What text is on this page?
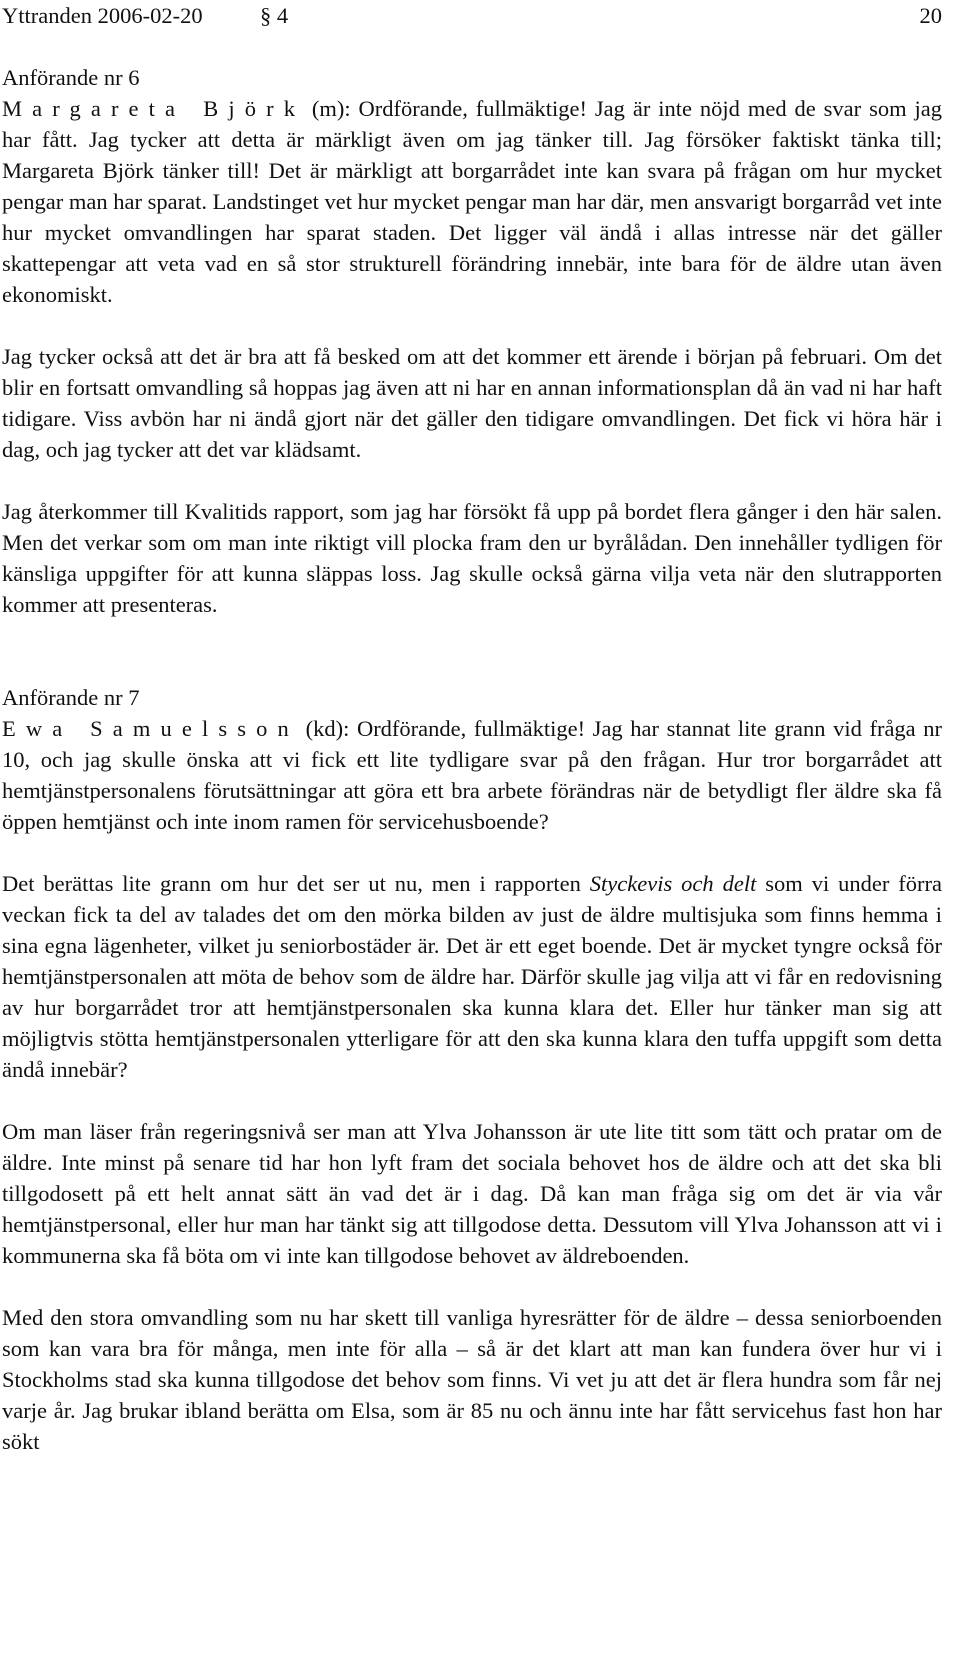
Yttranden 2006-02-20	§ 4	20
Anförande nr 6

Margareta Björk (m): Ordförande, fullmäktige! Jag är inte nöjd med de svar som jag har fått. Jag tycker att detta är märkligt även om jag tänker till. Jag försöker faktiskt tänka till; Margareta Björk tänker till! Det är märkligt att borgarrådet inte kan svara på frågan om hur mycket pengar man har sparat. Landstinget vet hur mycket pengar man har där, men ansvarigt borgarråd vet inte hur mycket omvandlingen har sparat staden. Det ligger väl ändå i allas intresse när det gäller skattepengar att veta vad en så stor strukturell förändring innebär, inte bara för de äldre utan även ekonomiskt.

Jag tycker också att det är bra att få besked om att det kommer ett ärende i början på februari. Om det blir en fortsatt omvandling så hoppas jag även att ni har en annan informationsplan då än vad ni har haft tidigare. Viss avbön har ni ändå gjort när det gäller den tidigare omvandlingen. Det fick vi höra här i dag, och jag tycker att det var klädsamt.

Jag återkommer till Kvalitids rapport, som jag har försökt få upp på bordet flera gånger i den här salen. Men det verkar som om man inte riktigt vill plocka fram den ur byrålådan. Den innehåller tydligen för känsliga uppgifter för att kunna släppas loss. Jag skulle också gärna vilja veta när den slutrapporten kommer att presenteras.

Anförande nr 7

Ewa Samuelsson (kd): Ordförande, fullmäktige! Jag har stannat lite grann vid fråga nr 10, och jag skulle önska att vi fick ett lite tydligare svar på den frågan. Hur tror borgarrådet att hemtjänstpersonalens förutsättningar att göra ett bra arbete förändras när de betydligt fler äldre ska få öppen hemtjänst och inte inom ramen för servicehusboende?

Det berättas lite grann om hur det ser ut nu, men i rapporten Styckevis och delt som vi under förra veckan fick ta del av talades det om den mörka bilden av just de äldre multisjuka som finns hemma i sina egna lägenheter, vilket ju seniorbostäder är. Det är ett eget boende. Det är mycket tyngre också för hemtjänstpersonalen att möta de behov som de äldre har. Därför skulle jag vilja att vi får en redovisning av hur borgarrådet tror att hemtjänstpersonalen ska kunna klara det. Eller hur tänker man sig att möjligtvis stötta hemtjänstpersonalen ytterligare för att den ska kunna klara den tuffa uppgift som detta ändå innebär?

Om man läser från regeringsnivå ser man att Ylva Johansson är ute lite titt som tätt och pratar om de äldre. Inte minst på senare tid har hon lyft fram det sociala behovet hos de äldre och att det ska bli tillgodosett på ett helt annat sätt än vad det är i dag. Då kan man fråga sig om det är via vår hemtjänstpersonal, eller hur man har tänkt sig att tillgodose detta. Dessutom vill Ylva Johansson att vi i kommunerna ska få böta om vi inte kan tillgodose behovet av äldreboenden.

Med den stora omvandling som nu har skett till vanliga hyresrätter för de äldre – dessa seniorboenden som kan vara bra för många, men inte för alla – så är det klart att man kan fundera över hur vi i Stockholms stad ska kunna tillgodose det behov som finns. Vi vet ju att det är flera hundra som får nej varje år. Jag brukar ibland berätta om Elsa, som är 85 nu och ännu inte har fått servicehus fast hon har sökt
